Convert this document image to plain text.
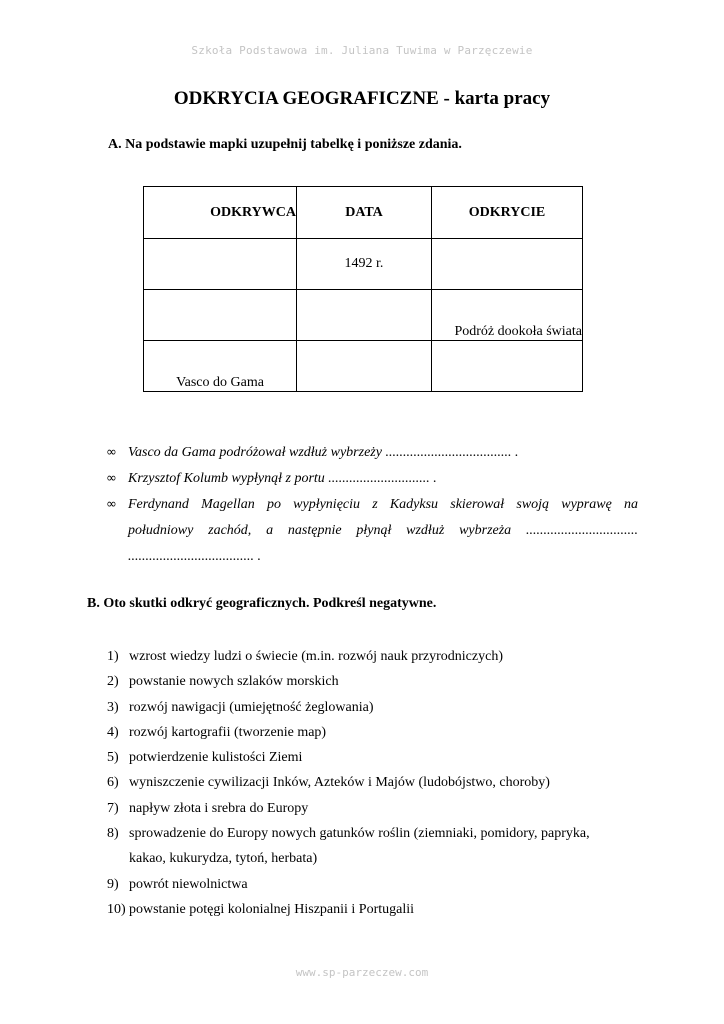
Szkoła Podstawowa im. Juliana Tuwima w Parzęczewie
ODKRYCIA GEOGRAFICZNE - karta pracy
A. Na podstawie mapki uzupełnij tabelkę i poniższe zdania.
ODKRYWCA	DATA	ODKRYCIE
	1492 r.	
		Podróż dookoła świata
Vasco do Gama		
∞ Vasco da Gama podróżował wzdłuż wybrzeży .................................... .
∞ Krzysztof Kolumb wypłynął z portu ............................. .
∞ Ferdynand Magellan po wypłynięciu z Kadyksu skierował swoją wyprawę na
południowy zachód, a następnie płynął wzdłuż wybrzeża ................................
.................................... .
B. Oto skutki odkryć geograficznych. Podkreśl negatywne.
1) wzrost wiedzy ludzi o świecie (m.in. rozwój nauk przyrodniczych)
2) powstanie nowych szlaków morskich
3) rozwój nawigacji (umiejętność żeglowania)
4) rozwój kartografii (tworzenie map)
5) potwierdzenie kulistości Ziemi
6) wyniszczenie cywilizacji Inków, Azteków i Majów (ludobójstwo, choroby)
7) napływ złota i srebra do Europy
8) sprowadzenie do Europy nowych gatunków roślin (ziemniaki, pomidory, papryka,
kakao, kukurydza, tytoń, herbata)
9) powrót niewolnictwa
10) powstanie potęgi kolonialnej Hiszpanii i Portugalii
www.sp-parzeczew.com
